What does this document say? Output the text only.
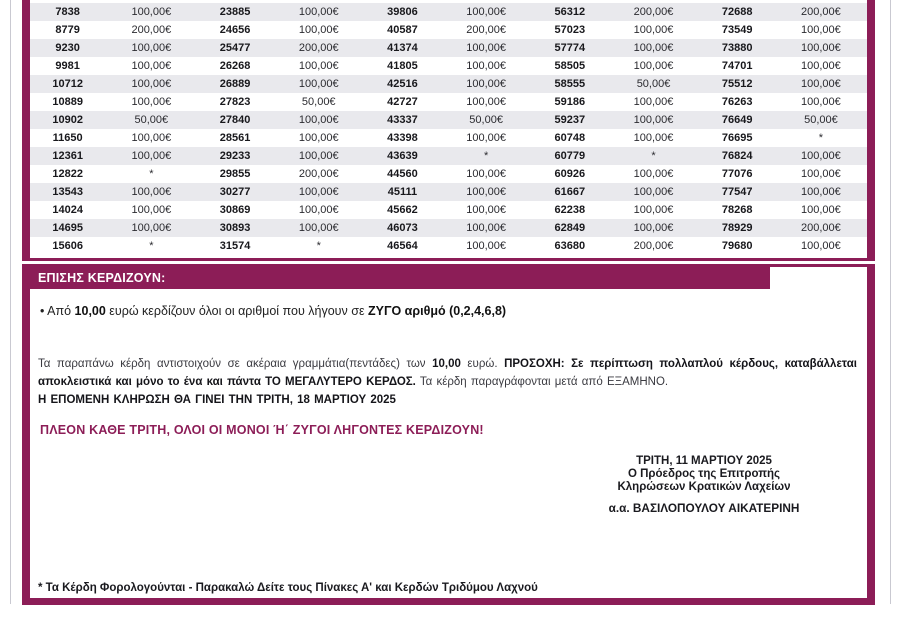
7838	100,00€	23885	100,00€	39806	100,00€	56312	200,00€	72688	200,00€
8779	200,00€	24656	100,00€	40587	200,00€	57023	100,00€	73549	100,00€
9230	100,00€	25477	200,00€	41374	100,00€	57774	100,00€	73880	100,00€
9981	100,00€	26268	100,00€	41805	100,00€	58505	100,00€	74701	100,00€
10712	100,00€	26889	100,00€	42516	100,00€	58555	50,00€	75512	100,00€
10889	100,00€	27823	50,00€	42727	100,00€	59186	100,00€	76263	100,00€
10902	50,00€	27840	100,00€	43337	50,00€	59237	100,00€	76649	50,00€
11650	100,00€	28561	100,00€	43398	100,00€	60748	100,00€	76695	*
12361	100,00€	29233	100,00€	43639	*	60779	*	76824	100,00€
12822	*	29855	200,00€	44560	100,00€	60926	100,00€	77076	100,00€
13543	100,00€	30277	100,00€	45111	100,00€	61667	100,00€	77547	100,00€
14024	100,00€	30869	100,00€	45662	100,00€	62238	100,00€	78268	100,00€
14695	100,00€	30893	100,00€	46073	100,00€	62849	100,00€	78929	200,00€
15606	*	31574	*	46564	100,00€	63680	200,00€	79680	100,00€
ΕΠΙΣΗΣ ΚΕΡΔΙΖΟΥΝ:
• Από 10,00 ευρώ κερδίζουν όλοι οι αριθμοί που λήγουν σε ΖΥΓΟ αριθμό (0,2,4,6,8)
Τα παραπάνω κέρδη αντιστοιχούν σε ακέραια γραμμάτια(πεντάδες) των 10,00 ευρώ. ΠΡΟΣΟΧΗ: Σε περίπτωση πολλαπλού κέρδους, καταβάλλεται αποκλειστικά και μόνο το ένα και πάντα ΤΟ ΜΕΓΑΛΥΤΕΡΟ ΚΕΡΔΟΣ. Τα κέρδη παραγράφονται μετά από ΕΞΑΜΗΝΟ.
Η ΕΠΟΜΕΝΗ ΚΛΗΡΩΣΗ ΘΑ ΓΙΝΕΙ ΤΗΝ ΤΡΙΤΗ, 18 ΜΑΡΤΙΟΥ 2025
ΠΛΕΟΝ ΚΑΘΕ ΤΡΙΤΗ, ΟΛΟΙ ΟΙ ΜΟΝΟΙ Ή΄ ΖΥΓΟΙ ΛΗΓΟΝΤΕΣ ΚΕΡΔΙΖΟΥΝ!
ΤΡΙΤΗ, 11 ΜΑΡΤΙΟΥ 2025
Ο Πρόεδρος της Επιτροπής
Κληρώσεων Κρατικών Λαχείων
α.α. ΒΑΣΙΛΟΠΟΥΛΟΥ ΑΙΚΑΤΕΡΙΝΗ
* Τα Κέρδη Φορολογούνται - Παρακαλώ Δείτε τους Πίνακες Α' και Κερδών Τριδύμου Λαχνού
